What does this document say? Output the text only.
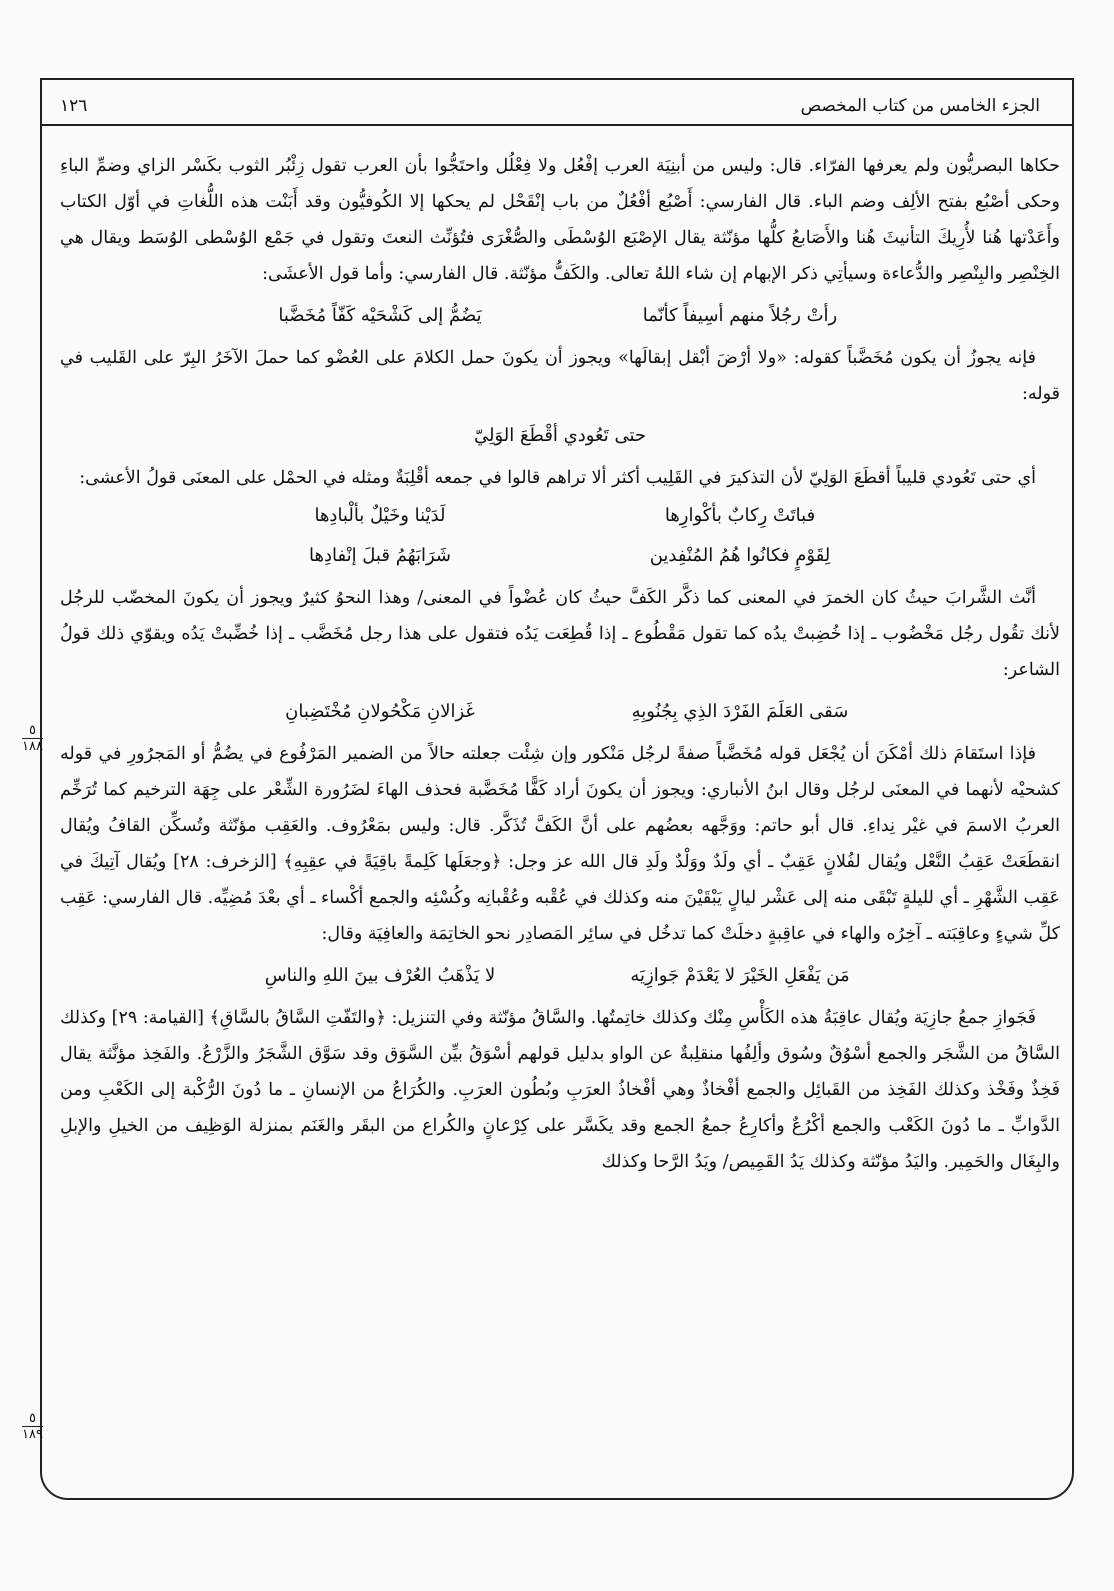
الجزء الخامس من كتاب المخصص
١٢٦

حكاها البصريُّون ولم يعرفها الفرّاء. قال: وليس من أبنِيَة العرب إفْعُل ولا فِعْلُل واحتَجُّوا بأن العرب تقول زِئْبُر الثوب بكَسْر الزاي وضمِّ الباءِ وحكى أصْبُع بفتح الألِف وضم الباء. قال الفارسي: أَصْبُع أفْعُلٌ من باب إنْقَحْل لم يحكها إلا الكُوفيُّون وقد أَبَنْت هذه اللُّغاتِ في أوّل الكتاب وأَعَدْتها هُنا لأُرِيكَ التأنيثَ هُنا والأَصَابعُ كلُّها مؤنّثة يقال الإصْبَع الوُسْطَى والصُّغْرَى فتُؤنِّث النعتَ وتقول في جَمْع الوُسْطى الوُسَط ويقال هي الخِنْصِر والبِنْصِر والدُّعاءة وسيأتِي ذكر الإبهام إن شاء اللهُ تعالى. والكَفُّ مؤنّثة. قال الفارسي: وأما قول الأعشَى:

رأتْ رجُلاً منهم أسِيفاً كأنّما
يَضُمُّ إلى كَشْحَيْه كَفّاً مُخَضَّبا

فإنه يجوزُ أن يكون مُخَضَّباً كقوله: «ولا أرْضَ أبْقل إبقالَها» ويجوز أن يكونَ حمل الكلامَ على العُضْو كما حملَ الآخَرُ البِرّ على القَليب في قوله:

حتى تَعُودي أقْطَعَ الوَلِيّ

أي حتى تَعُودي قليباً أقطَعَ الوَلِيّ لأن التذكيرَ في القَلِيب أكثر ألا تراهم قالوا في جمعه أقْلِبَةٌ ومثله في الحمْل على المعنَى قولُ الأعشى:

فباتَتْ رِكابٌ بأكْوارِها
لَدَيْنا وخَيْلٌ بألْبادِها
لِقَوْمٍ فكانُوا هُمُ المُنْفِدين
شَرَابَهُمُ قبلَ إنْفادِها

أنَّث الشَّرابَ حيثُ كان الخمرَ في المعنى كما ذكَّر الكَفَّ حيثُ كان عُضْواً في المعنى/ وهذا النحوُ كثيرٌ ويجوز أن يكونَ المخضّب للرجُل لأنك تقُول رجُل مَخْضُوب ـ إذا خُضِبتْ يدُه كما تقول مَقْطُوع ـ إذا قُطِعَت يَدُه فتقول على هذا رجل مُخَضَّب ـ إذا خُضِّبتْ يَدُه ويقوّي ذلك قولُ الشاعر:

سَقى العَلَمَ الفَرْدَ الذِي بِجُنُوبِهِ
غَزالانِ مَكْحُولانِ مُخْتَضِبانِ

فإذا استَقامَ ذلك أمْكَنَ أن يُجْعَل قوله مُخَضَّباً صفةً لرجُل مَنْكور وإن شِئْت جعلته حالاً من الضمير المَرْفُوع في يضُمُّ أو المَجرُورِ في قوله كشحيْه لأنهما في المعنَى لرجُل وقال ابنُ الأنباري: ويجوز أن يكونَ أراد كَفًّا مُخَضَّبة فحذف الهاءَ لضَرُورة الشِّعْر على جِهَة الترخيم كما تُرَخِّم العربُ الاسمَ في غيْر نِداءِ. قال أبو حاتم: ووَجَّهه بعضُهم على أنَّ الكَفَّ تُذَكَّر. قال: وليس بمَعْرُوف. والعَقِب مؤنّثة وتُسكِّن القافُ ويُقال انقطَعَتْ عَقِبُ النَّعْل ويُقال لفُلانٍ عَقِبٌ ـ أي ولَدٌ ووَلْدٌ ولَدِ قال الله عز وجل: ﴿وجعَلَها كَلِمةً باقِيَةً في عقِبِهِ﴾ [الزخرف: ٢٨] ويُقال آتِيكَ في عَقِب الشَّهْرِ ـ أي لليلةٍ تَبْقَى منه إلى عَشْر ليالٍ يَبْقَيْنَ منه وكذلك في عُقْبه وعُقْبانِه وكُسْئِه والجمع أكْساء ـ أي بعْدَ مُضِيِّه. قال الفارسي: عَقِب كلِّ شيءٍ وعاقِبَته ـ آخِرُه والهاء في عاقِبةٍ دخلَتْ كما تدخُل في سائِر المَصادِر نحو الخاتِمَة والعافِيَة وقال:

مَن يَفْعَلِ الخَيْرَ لا يَعْدَمْ جَوازِيَه
لا يَذْهَبُ العُرْف بينَ اللهِ والناسِ

فَجَوازِ جمعُ جازِيَة ويُقال عاقِبَةُ هذه الكَأْسِ مِنْك وكذلك خاتِمتُها. والسَّاقُ مؤنّثة وفي التنزيل: ﴿والتَفّتِ السَّاقُ بالسَّاقِ﴾ [القيامة: ٢٩] وكذلك السَّاقُ من الشَّجَر والجمع أسْوُقٌ وسُوق وألِفُها منقلِبةٌ عن الواو بدليل قولهم أسْوَقُ بيِّن السَّوَق وقد سَوَّق الشَّجَرُ والزَّرْعُ. والفَخِذ مؤنَّثة يقال فَخِذٌ وفَخْذ وكذلك الفَخِذ من القَبائِل والجمع أفْخاذٌ وهي أفْخاذُ العرَبِ وبُطُون العرَبِ. والكُرَاعُ من الإنسانِ ـ ما دُونَ الرُّكْبة إلى الكَعْبِ ومن الدَّوابِّ ـ ما دُونَ الكَعْب والجمع أكْرُعٌ وأكارِعُ جمعُ الجمع وقد يكَسَّر على كِرْعانٍ والكُراع من البقَر والغَنَم بمنزلة الوَظِيف من الخيلِ والإبلِ والبِغَال والحَمِير. واليَدُ مؤنّثة وكذلك يَدُ القَمِيص/ ويَدُ الرَّحا وكذلك

٥
١٨٨
٥
١٨٩
